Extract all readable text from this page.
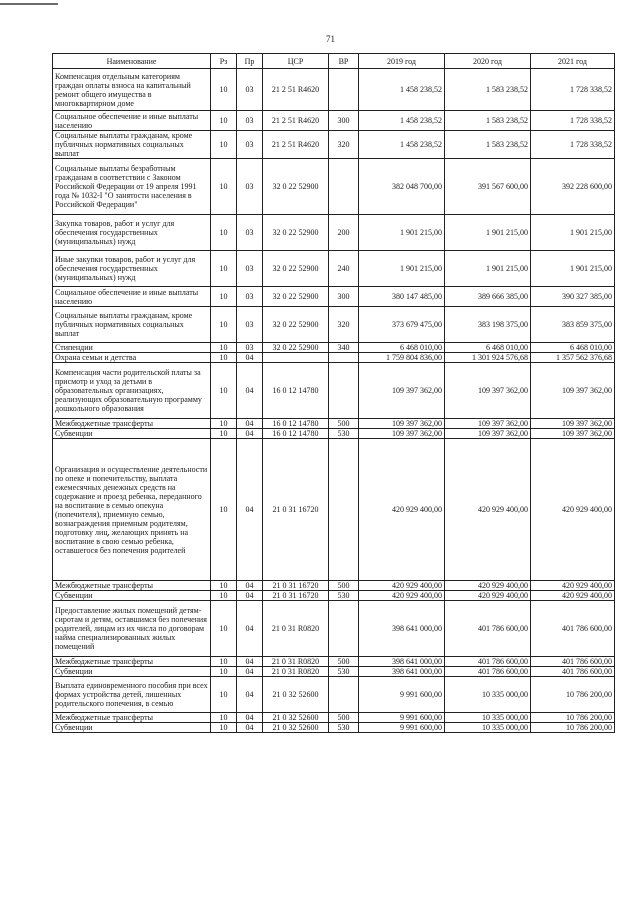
71
Наименование	Рз	Пр	ЦСР	ВР	2019 год	2020 год	2021 год
Компенсация отдельным категориям граждан оплаты взноса на капитальный ремонт общего имущества в многоквартирном доме	10	03	21 2 51 R4620		1 458 238,52	1 583 238,52	1 728 338,52
Социальное обеспечение и иные выплаты населению	10	03	21 2 51 R4620	300	1 458 238,52	1 583 238,52	1 728 338,52
Социальные выплаты гражданам, кроме публичных нормативных социальных выплат	10	03	21 2 51 R4620	320	1 458 238,52	1 583 238,52	1 728 338,52
Социальные выплаты безработным гражданам в соответствии с Законом Российской Федерации от 19 апреля 1991 года № 1032-I "О занятости населения в Российской Федерации"	10	03	32 0 22 52900		382 048 700,00	391 567 600,00	392 228 600,00
Закупка товаров, работ и услуг для обеспечения государственных (муниципальных) нужд	10	03	32 0 22 52900	200	1 901 215,00	1 901 215,00	1 901 215,00
Иные закупки товаров, работ и услуг для обеспечения государственных (муниципальных) нужд	10	03	32 0 22 52900	240	1 901 215,00	1 901 215,00	1 901 215,00
Социальное обеспечение и иные выплаты населению	10	03	32 0 22 52900	300	380 147 485,00	389 666 385,00	390 327 385,00
Социальные выплаты гражданам, кроме публичных нормативных социальных выплат	10	03	32 0 22 52900	320	373 679 475,00	383 198 375,00	383 859 375,00
Стипендии	10	03	32 0 22 52900	340	6 468 010,00	6 468 010,00	6 468 010,00
Охрана семьи и детства	10	04			1 759 804 836,00	1 301 924 576,68	1 357 562 376,68
Компенсация части родительской платы за присмотр и уход за детьми в образовательных организациях, реализующих образовательную программу дошкольного образования	10	04	16 0 12 14780		109 397 362,00	109 397 362,00	109 397 362,00
Межбюджетные трансферты	10	04	16 0 12 14780	500	109 397 362,00	109 397 362,00	109 397 362,00
Субвенции	10	04	16 0 12 14780	530	109 397 362,00	109 397 362,00	109 397 362,00
Организация и осуществление деятельности по опеке и попечительству, выплата ежемесячных денежных средств на содержание и проезд ребенка, переданного на воспитание в семью опекуна (попечителя), приемную семью, вознаграждения приемным родителям, подготовку лиц, желающих принять на воспитание в свою семью ребенка, оставшегося без попечения родителей	10	04	21 0 31 16720		420 929 400,00	420 929 400,00	420 929 400,00
Межбюджетные трансферты	10	04	21 0 31 16720	500	420 929 400,00	420 929 400,00	420 929 400,00
Субвенции	10	04	21 0 31 16720	530	420 929 400,00	420 929 400,00	420 929 400,00
Предоставление жилых помещений детям-сиротам и детям, оставшимся без попечения родителей, лицам из их числа по договорам найма специализированных жилых помещений	10	04	21 0 31 R0820		398 641 000,00	401 786 600,00	401 786 600,00
Межбюджетные трансферты	10	04	21 0 31 R0820	500	398 641 000,00	401 786 600,00	401 786 600,00
Субвенции	10	04	21 0 31 R0820	530	398 641 000,00	401 786 600,00	401 786 600,00
Выплата единовременного пособия при всех формах устройства детей, лишенных родительского попечения, в семью	10	04	21 0 32 52600		9 991 600,00	10 335 000,00	10 786 200,00
Межбюджетные трансферты	10	04	21 0 32 52600	500	9 991 600,00	10 335 000,00	10 786 200,00
Субвенции	10	04	21 0 32 52600	530	9 991 600,00	10 335 000,00	10 786 200,00
